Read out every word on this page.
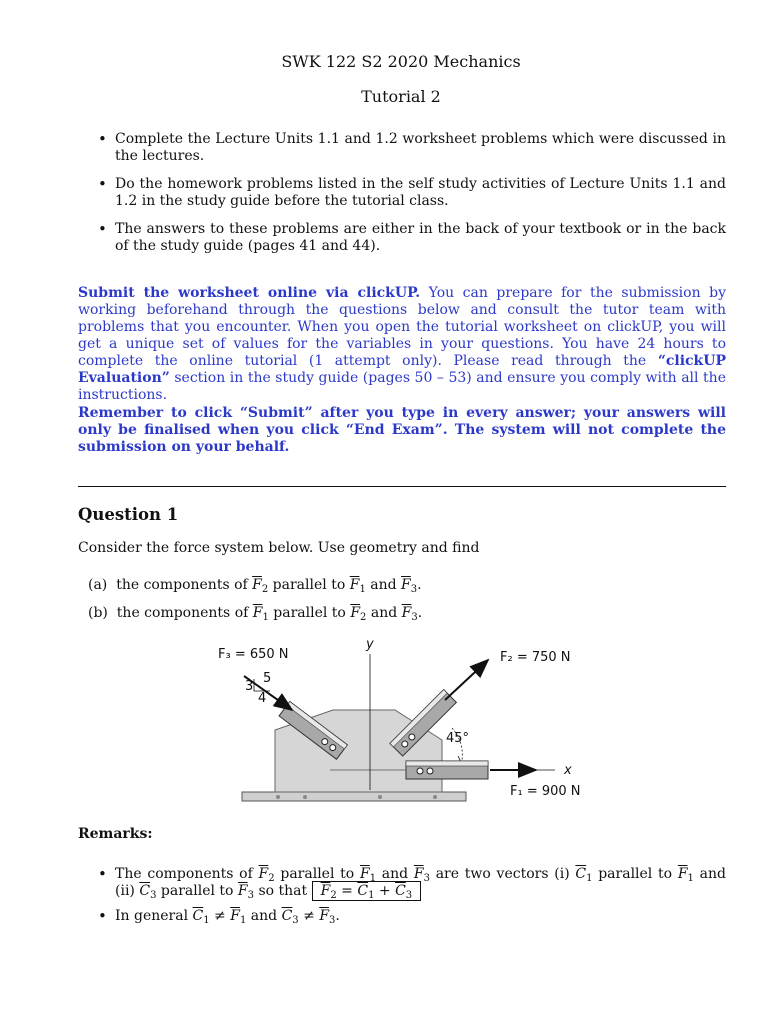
SWK 122 S2 2020 Mechanics
Tutorial 2
• Complete the Lecture Units 1.1 and 1.2 worksheet problems which were discussed in the lectures.
• Do the homework problems listed in the self study activities of Lecture Units 1.1 and 1.2 in the study guide before the tutorial class.
• The answers to these problems are either in the back of your textbook or in the back of the study guide (pages 41 and 44).
Submit the worksheet online via clickUP. You can prepare for the submission by working beforehand through the questions below and consult the tutor team with problems that you encounter. When you open the tutorial worksheet on clickUP, you will get a unique set of values for the variables in your questions. You have 24 hours to complete the online tutorial (1 attempt only). Please read through the “clickUP Evaluation” section in the study guide (pages 50 – 53) and ensure you comply with all the instructions.
Remember to click “Submit” after you type in every answer; your answers will only be finalised when you click “End Exam”. The system will not complete the submission on your behalf.
Question 1
Consider the force system below. Use geometry and find
(a) the components of $\overline{F}_2$ parallel to $\overline{F}_1$ and $\overline{F}_3$.
(b) the components of $\overline{F}_1$ parallel to $\overline{F}_2$ and $\overline{F}_3$.
5
3
4
F₃ = 650 N	F₂ = 750 N
F₁ = 900 N
y
x
45°
Remarks:
• The components of $\overline{F}_2$ parallel to $\overline{F}_1$ and $\overline{F}_3$ are two vectors (i) $\overline{C}_1$ parallel to $\overline{F}_1$ and (ii) $\overline{C}_3$ parallel to $\overline{F}_3$ so that $\overline{F}_2 = \overline{C}_1 + \overline{C}_3$
• In general $\overline{C}_1 \ne \overline{F}_1$ and $\overline{C}_3 \ne \overline{F}_3$.
